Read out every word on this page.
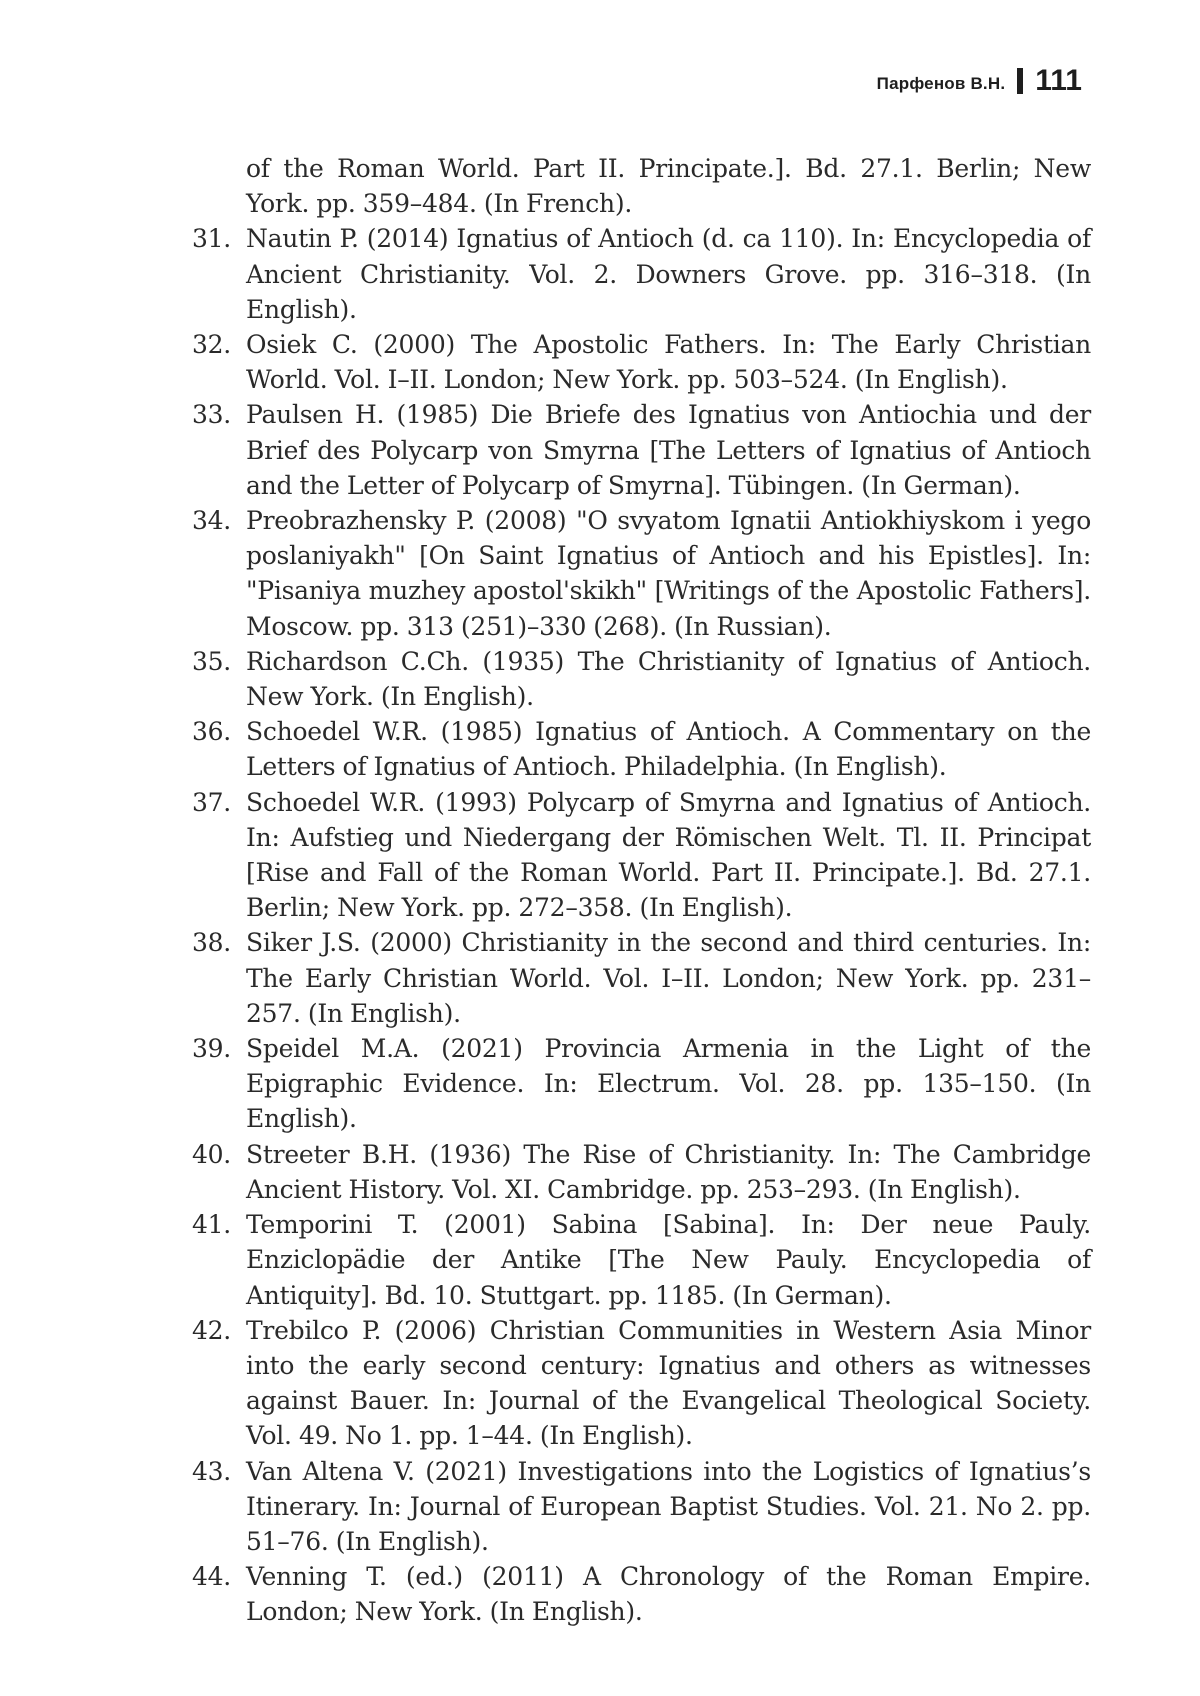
Парфенов В.Н. 111
of the Roman World. Part II. Principate.]. Bd. 27.1. Berlin; New York. pp. 359–484. (In French).
31. Nautin P. (2014) Ignatius of Antioch (d. ca 110). In: Encyclopedia of Ancient Christianity. Vol. 2. Downers Grove. pp. 316–318. (In English).
32. Osiek C. (2000) The Apostolic Fathers. In: The Early Christian World. Vol. I–II. London; New York. pp. 503–524. (In English).
33. Paulsen H. (1985) Die Briefe des Ignatius von Antiochia und der Brief des Polycarp von Smyrna [The Letters of Ignatius of Antioch and the Letter of Polycarp of Smyrna]. Tübingen. (In German).
34. Preobrazhensky P. (2008) "O svyatom Ignatii Antiokhiyskom i yego poslaniyakh" [On Saint Ignatius of Antioch and his Epistles]. In: "Pisaniya muzhey apostol'skikh" [Writings of the Apostolic Fathers]. Moscow. pp. 313 (251)–330 (268). (In Russian).
35. Richardson C.Ch. (1935) The Christianity of Ignatius of Antioch. New York. (In English).
36. Schoedel W.R. (1985) Ignatius of Antioch. A Commentary on the Letters of Ignatius of Antioch. Philadelphia. (In English).
37. Schoedel W.R. (1993) Polycarp of Smyrna and Ignatius of Antioch. In: Aufstieg und Niedergang der Römischen Welt. Tl. II. Principat [Rise and Fall of the Roman World. Part II. Principate.]. Bd. 27.1. Berlin; New York. pp. 272–358. (In English).
38. Siker J.S. (2000) Christianity in the second and third centuries. In: The Early Christian World. Vol. I–II. London; New York. pp. 231–257. (In English).
39. Speidel M.A. (2021) Provincia Armenia in the Light of the Epigraphic Evidence. In: Electrum. Vol. 28. pp. 135–150. (In English).
40. Streeter B.H. (1936) The Rise of Christianity. In: The Cambridge Ancient History. Vol. XI. Cambridge. pp. 253–293. (In English).
41. Temporini T. (2001) Sabina [Sabina]. In: Der neue Pauly. Enziclopädie der Antike [The New Pauly. Encyclopedia of Antiquity]. Bd. 10. Stuttgart. pp. 1185. (In German).
42. Trebilco P. (2006) Christian Communities in Western Asia Minor into the early second century: Ignatius and others as witnesses against Bauer. In: Journal of the Evangelical Theological Society. Vol. 49. No 1. pp. 1–44. (In English).
43. Van Altena V. (2021) Investigations into the Logistics of Ignatius’s Itinerary. In: Journal of European Baptist Studies. Vol. 21. No 2. pp. 51–76. (In English).
44. Venning T. (ed.) (2011) A Chronology of the Roman Empire. London; New York. (In English).
